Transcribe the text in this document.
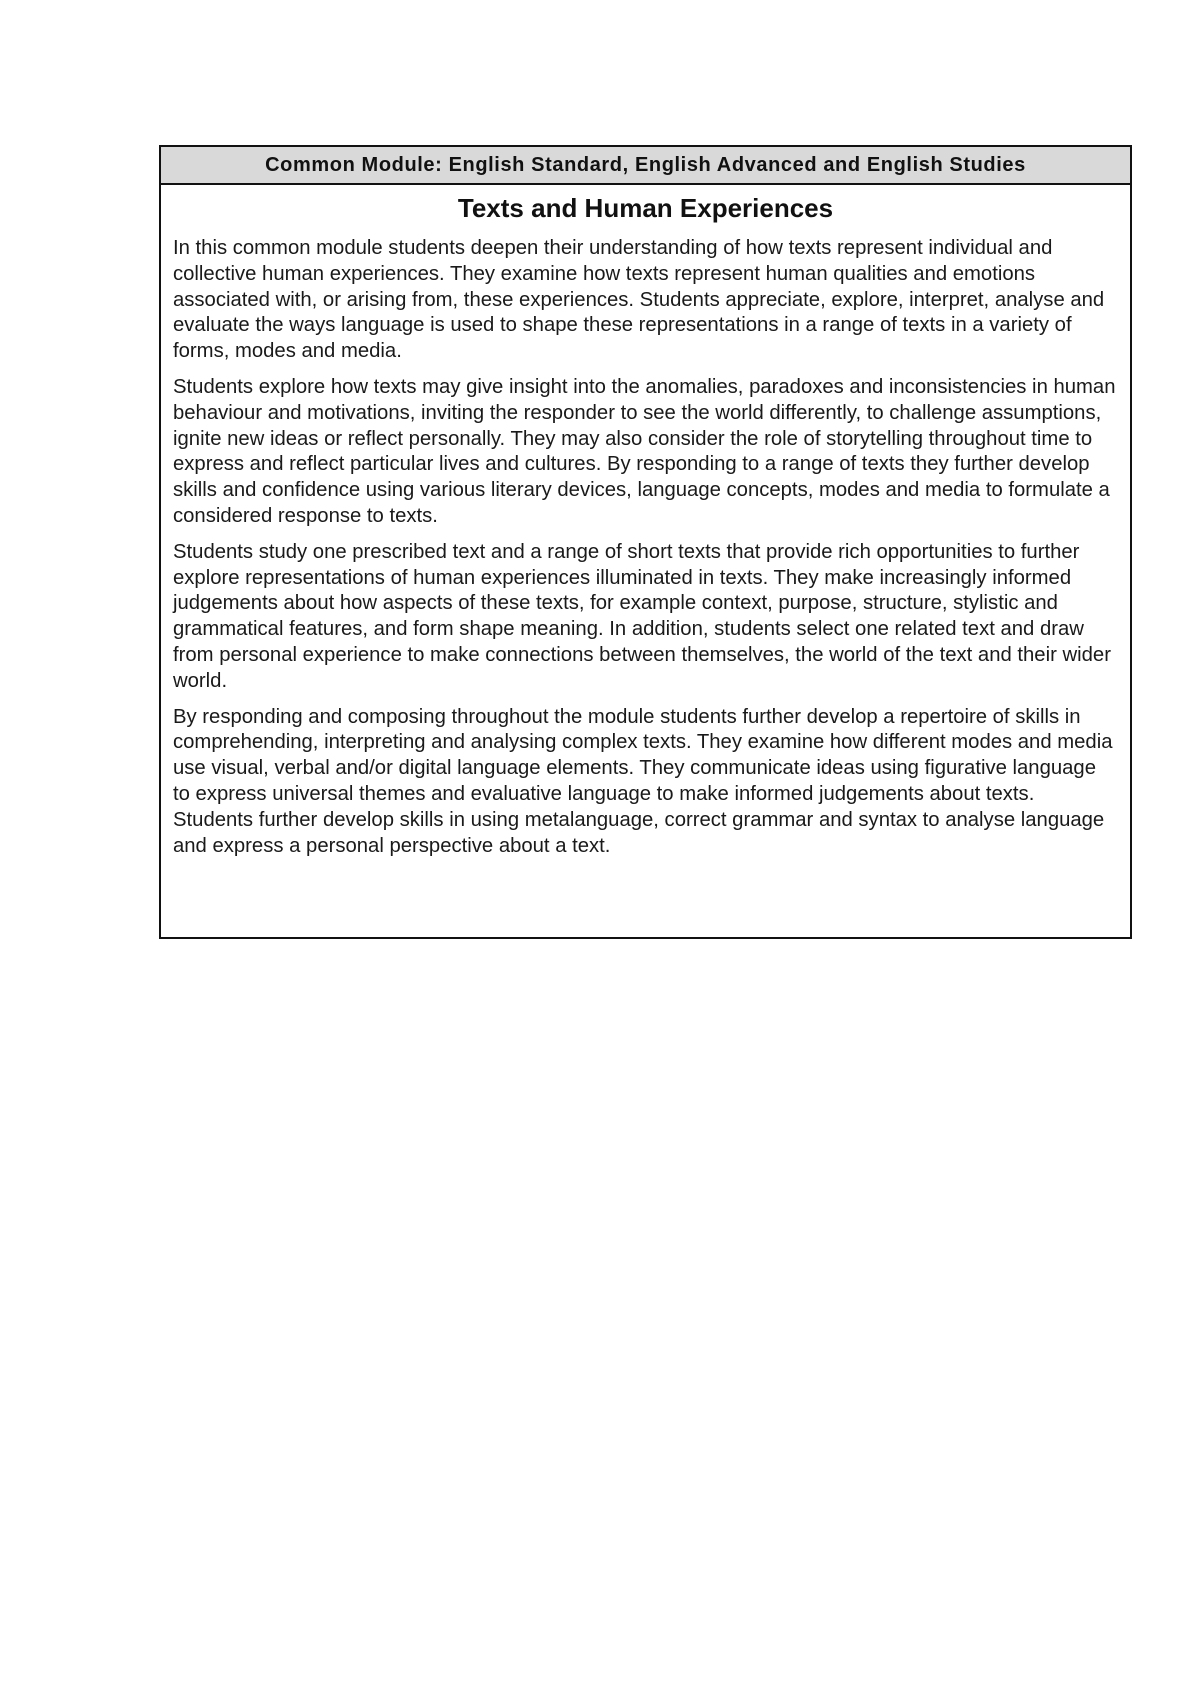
Common Module: English Standard, English Advanced and English Studies
Texts and Human Experiences

In this common module students deepen their understanding of how texts represent individual and collective human experiences. They examine how texts represent human qualities and emotions associated with, or arising from, these experiences. Students appreciate, explore, interpret, analyse and evaluate the ways language is used to shape these representations in a range of texts in a variety of forms, modes and media.

Students explore how texts may give insight into the anomalies, paradoxes and inconsistencies in human behaviour and motivations, inviting the responder to see the world differently, to challenge assumptions, ignite new ideas or reflect personally. They may also consider the role of storytelling throughout time to express and reflect particular lives and cultures. By responding to a range of texts they further develop skills and confidence using various literary devices, language concepts, modes and media to formulate a considered response to texts.

Students study one prescribed text and a range of short texts that provide rich opportunities to further explore representations of human experiences illuminated in texts. They make increasingly informed judgements about how aspects of these texts, for example context, purpose, structure, stylistic and grammatical features, and form shape meaning. In addition, students select one related text and draw from personal experience to make connections between themselves, the world of the text and their wider world.

By responding and composing throughout the module students further develop a repertoire of skills in comprehending, interpreting and analysing complex texts. They examine how different modes and media use visual, verbal and/or digital language elements. They communicate ideas using figurative language to express universal themes and evaluative language to make informed judgements about texts. Students further develop skills in using metalanguage, correct grammar and syntax to analyse language and express a personal perspective about a text.
